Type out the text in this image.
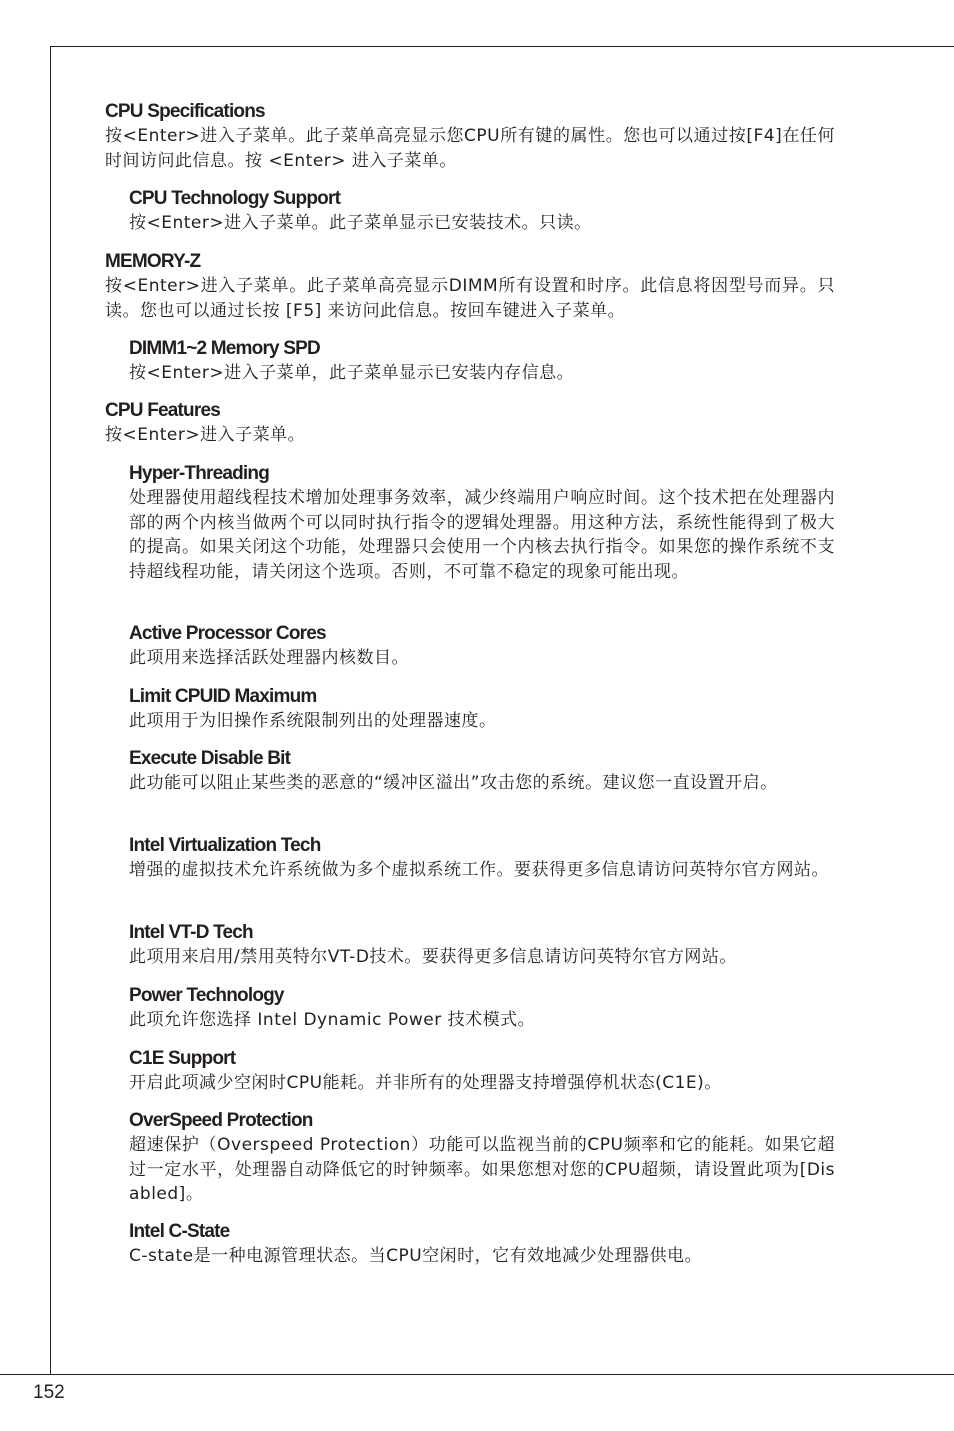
CPU Specifications
按<Enter>进入子菜单。此子菜单高亮显示您CPU所有键的属性。您也可以通过按[F4]在任何时间访问此信息。按 <Enter> 进入子菜单。
CPU Technology Support
按<Enter>进入子菜单。此子菜单显示已安装技术。只读。
MEMORY-Z
按<Enter>进入子菜单。此子菜单高亮显示DIMM所有设置和时序。此信息将因型号而异。只读。您也可以通过长按 [F5] 来访问此信息。按回车键进入子菜单。
DIMM1~2 Memory SPD
按<Enter>进入子菜单，此子菜单显示已安装内存信息。
CPU Features
按<Enter>进入子菜单。
Hyper-Threading
处理器使用超线程技术增加处理事务效率，减少终端用户响应时间。这个技术把在处理器内部的两个内核当做两个可以同时执行指令的逻辑处理器。用这种方法，系统性能得到了极大的提高。如果关闭这个功能，处理器只会使用一个内核去执行指令。如果您的操作系统不支持超线程功能，请关闭这个选项。否则，不可靠不稳定的现象可能出现。
Active Processor Cores
此项用来选择活跃处理器内核数目。
Limit CPUID Maximum
此项用于为旧操作系统限制列出的处理器速度。
Execute Disable Bit
此功能可以阻止某些类的恶意的“缓冲区溢出”攻击您的系统。建议您一直设置开启。
Intel Virtualization Tech
增强的虚拟技术允许系统做为多个虚拟系统工作。要获得更多信息请访问英特尔官方网站。
Intel VT-D Tech
此项用来启用/禁用英特尔VT-D技术。要获得更多信息请访问英特尔官方网站。
Power Technology
此项允许您选择 Intel Dynamic Power 技术模式。
C1E Support
开启此项减少空闲时CPU能耗。并非所有的处理器支持增强停机状态(C1E)。
OverSpeed Protection
超速保护（Overspeed Protection）功能可以监视当前的CPU频率和它的能耗。如果它超过一定水平，处理器自动降低它的时钟频率。如果您想对您的CPU超频，请设置此项为[Disabled]。
Intel C-State
C-state是一种电源管理状态。当CPU空闲时，它有效地减少处理器供电。
152
